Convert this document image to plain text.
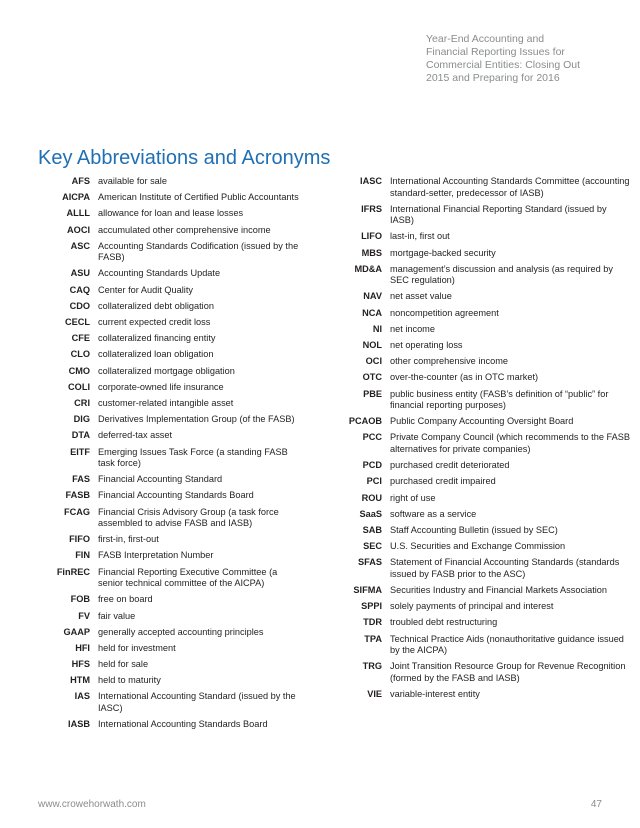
Year-End Accounting and
Financial Reporting Issues for
Commercial Entities: Closing Out
2015 and Preparing for 2016
Key Abbreviations and Acronyms
AFS available for sale
AICPA American Institute of Certified Public Accountants
ALLL allowance for loan and lease losses
AOCI accumulated other comprehensive income
ASC Accounting Standards Codification (issued by the FASB)
ASU Accounting Standards Update
CAQ Center for Audit Quality
CDO collateralized debt obligation
CECL current expected credit loss
CFE collateralized financing entity
CLO collateralized loan obligation
CMO collateralized mortgage obligation
COLI corporate-owned life insurance
CRI customer-related intangible asset
DIG Derivatives Implementation Group (of the FASB)
DTA deferred-tax asset
EITF Emerging Issues Task Force (a standing FASB task force)
FAS Financial Accounting Standard
FASB Financial Accounting Standards Board
FCAG Financial Crisis Advisory Group (a task force assembled to advise FASB and IASB)
FIFO first-in, first-out
FIN FASB Interpretation Number
FinREC Financial Reporting Executive Committee (a senior technical committee of the AICPA)
FOB free on board
FV fair value
GAAP generally accepted accounting principles
HFI held for investment
HFS held for sale
HTM held to maturity
IAS International Accounting Standard (issued by the IASC)
IASB International Accounting Standards Board
IASC International Accounting Standards Committee (accounting standard-setter, predecessor of IASB)
IFRS International Financial Reporting Standard (issued by IASB)
LIFO last-in, first out
MBS mortgage-backed security
MD&A management’s discussion and analysis (as required by SEC regulation)
NAV net asset value
NCA noncompetition agreement
NI net income
NOL net operating loss
OCI other comprehensive income
OTC over-the-counter (as in OTC market)
PBE public business entity (FASB’s definition of “public” for financial reporting purposes)
PCAOB Public Company Accounting Oversight Board
PCC Private Company Council (which recommends to the FASB alternatives for private companies)
PCD purchased credit deteriorated
PCI purchased credit impaired
ROU right of use
SaaS software as a service
SAB Staff Accounting Bulletin (issued by SEC)
SEC U.S. Securities and Exchange Commission
SFAS Statement of Financial Accounting Standards (standards issued by FASB prior to the ASC)
SIFMA Securities Industry and Financial Markets Association
SPPI solely payments of principal and interest
TDR troubled debt restructuring
TPA Technical Practice Aids (nonauthoritative guidance issued by the AICPA)
TRG Joint Transition Resource Group for Revenue Recognition (formed by the FASB and IASB)
VIE variable-interest entity
www.crowehorwath.com	47
